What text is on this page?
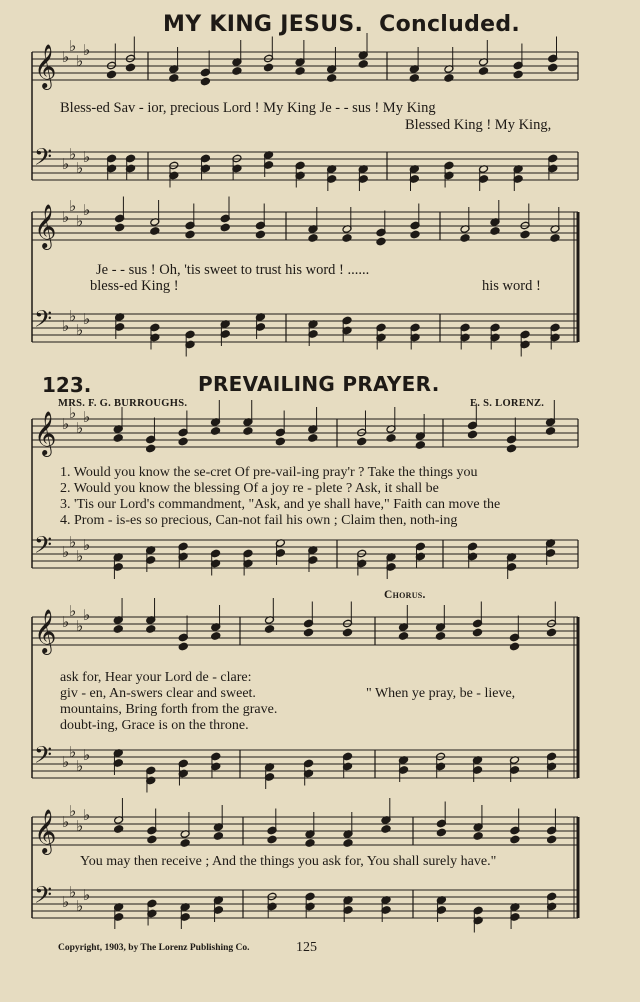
MY KING JESUS. Concluded.
𝄞
𝄢
♭
♭
♭
♭
♭
♭
♭
♭
𝄞
𝄢
♭
♭
♭
♭
♭
♭
♭
♭
𝄞
𝄢
♭
♭
♭
♭
♭
♭
♭
♭
𝄞
𝄢
♭
♭
♭
♭
♭
♭
♭
♭
𝄞
𝄢
♭
♭
♭
♭
♭
♭
♭
♭
Bless-ed Sav - ior, precious Lord ! My King Je - - sus ! My King
Blessed King ! My King,
Je - - sus ! Oh, 'tis sweet to trust his word ! ......
bless-ed King !	his word !
123.	PREVAILING PRAYER.
MRS. F. G. BURROUGHS.	E. S. LORENZ.
1. Would you know the se-cret Of pre-vail-ing pray'r ? Take the things you
2. Would you know the blessing Of a joy re - plete ? Ask, it shall be
3. 'Tis our Lord's commandment, "Ask, and ye shall have," Faith can move the
4. Prom - is-es so precious, Can-not fail his own ; Claim then, noth-ing
Chorus.
ask for, Hear your Lord de - clare:
giv - en, An-swers clear and sweet.
mountains, Bring forth from the grave.
doubt-ing, Grace is on the throne.
" When ye pray, be - lieve,
You may then receive ; And the things you ask for, You shall surely have."
Copyright, 1903, by The Lorenz Publishing Co.	125
